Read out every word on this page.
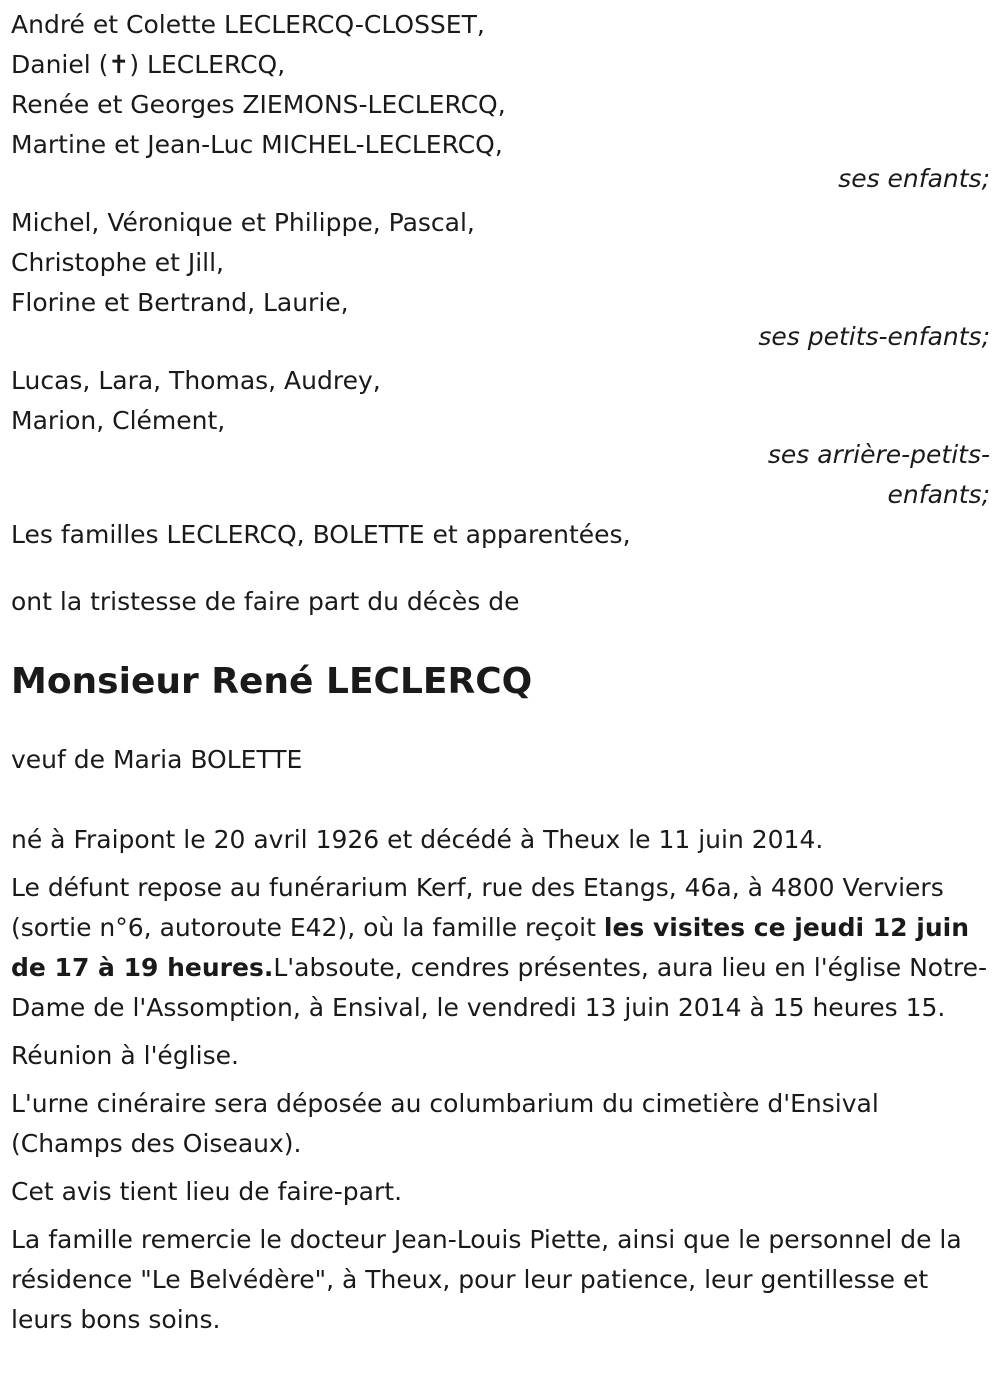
André et Colette LECLERCQ-CLOSSET,
Daniel (✝) LECLERCQ,
Renée et Georges ZIEMONS-LECLERCQ,
Martine et Jean-Luc MICHEL-LECLERCQ,
ses enfants;
Michel, Véronique et Philippe, Pascal,
Christophe et Jill,
Florine et Bertrand, Laurie,
ses petits-enfants;
Lucas, Lara, Thomas, Audrey,
Marion, Clément,
ses arrière-petits-
enfants;
Les familles LECLERCQ, BOLETTE et apparentées,
ont la tristesse de faire part du décès de
Monsieur René LECLERCQ
veuf de Maria BOLETTE
né à Fraipont le 20 avril 1926 et décédé à Theux le 11 juin 2014.
Le défunt repose au funérarium Kerf, rue des Etangs, 46a, à 4800 Verviers (sortie n°6, autoroute E42), où la famille reçoit les visites ce jeudi 12 juin de 17 à 19 heures.L'absoute, cendres présentes, aura lieu en l'église Notre-Dame de l'Assomption, à Ensival, le vendredi 13 juin 2014 à 15 heures 15.
Réunion à l'église.
L'urne cinéraire sera déposée au columbarium du cimetière d'Ensival (Champs des Oiseaux).
Cet avis tient lieu de faire-part.
La famille remercie le docteur Jean-Louis Piette, ainsi que le personnel de la résidence "Le Belvédère", à Theux, pour leur patience, leur gentillesse et leurs bons soins.
